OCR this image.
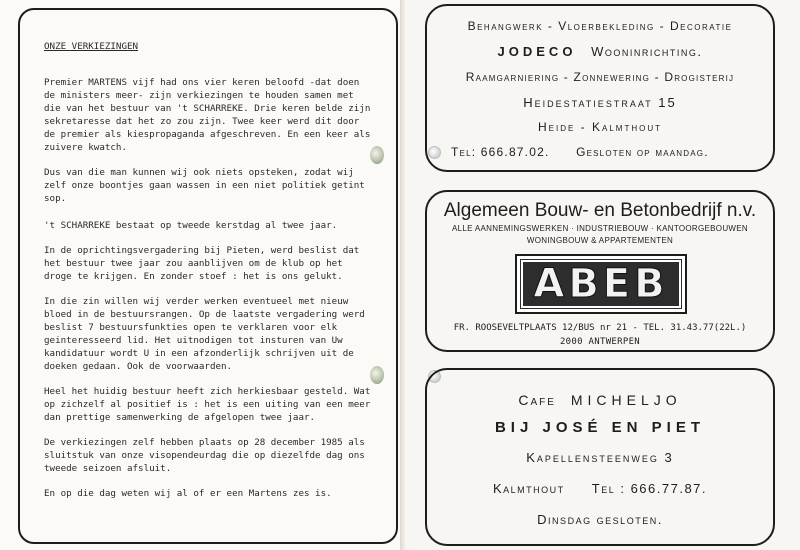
ONZE VERKIEZINGEN

Premier MARTENS vijf had ons vier keren beloofd -dat doen de ministers meer- zijn verkiezingen te houden samen met die van het bestuur van 't SCHARREKE. Drie keren belde zijn sekretaresse dat het zo zou zijn. Twee keer werd dit door de premier als kiespropaganda afgeschreven. En een keer als zuivere kwatch.

Dus van die man kunnen wij ook niets opsteken, zodat wij zelf onze boontjes gaan wassen in een niet politiek getint sop.

't SCHARREKE bestaat op tweede kerstdag al twee jaar.

In de oprichtingsvergadering bij Pieten, werd beslist dat het bestuur twee jaar zou aanblijven om de klub op het droge te krijgen. En zonder stoef : het is ons gelukt.

In die zin willen wij verder werken eventueel met nieuw bloed in de bestuursrangen. Op de laatste vergadering werd beslist 7 bestuursfunkties open te verklaren voor elk geinteresseerd lid. Het uitnodigen tot insturen van Uw kandidatuur wordt U in een afzonderlijk schrijven uit de doeken gedaan. Ook de voorwaarden.

Heel het huidig bestuur heeft zich herkiesbaar gesteld. Wat op zichzelf al positief is : het is een uiting van een meer dan prettige samenwerking de afgelopen twee jaar.

De verkiezingen zelf hebben plaats op 28 december 1985 als sluitstuk van onze visopendeurdag die op diezelfde dag ons tweede seizoen afsluit.

En op die dag weten wij al of er een Martens zes is.

Behangwerk - Vloerbekleding - Decoratie
JODECO Wooninrichting.
Raamgarniering - Zonnewering - Drogisterij
Heidestatiestraat 15
Heide - Kalmthout
Tel: 666.87.02. Gesloten op maandag.
Algemeen Bouw- en Betonbedrijf n.v.
ALLE AANNEMINGSWERKEN · INDUSTRIEBOUW · KANTOORGEBOUWEN
WONINGBOUW & APPARTEMENTEN
ABEB
FR. ROOSEVELTPLAATS 12/BUS nr 21 - TEL. 31.43.77(22L.)
2000 ANTWERPEN
Cafe MICHELJO
BIJ JOSÉ EN PIET
Kapellensteenweg 3
Kalmthout Tel : 666.77.87.
Dinsdag gesloten.
